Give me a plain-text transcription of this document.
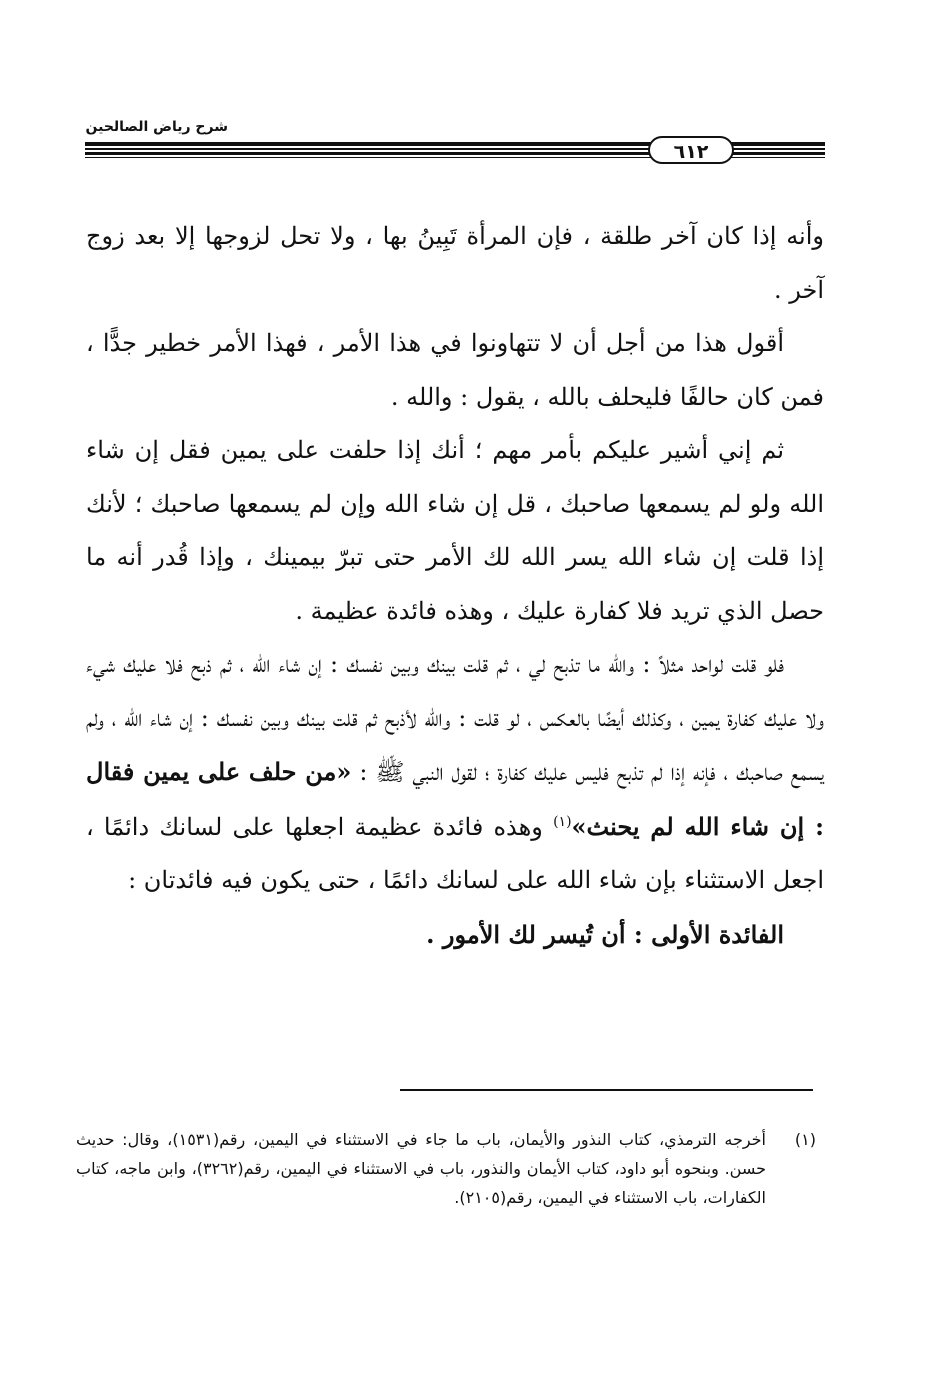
شرح رياض الصالحين
٦١٢

وأنه إذا كان آخر طلقة ، فإن المرأة تَبِينُ بها ، ولا تحل لزوجها إلا بعد زوج آخر .

أقول هذا من أجل أن لا تتهاونوا في هذا الأمر ، فهذا الأمر خطير جدًّا ، فمن كان حالفًا فليحلف بالله ، يقول : والله .

ثم إني أشير عليكم بأمر مهم ؛ أنك إذا حلفت على يمين فقل إن شاء الله ولو لم يسمعها صاحبك ، قل إن شاء الله وإن لم يسمعها صاحبك ؛ لأنك إذا قلت إن شاء الله يسر الله لك الأمر حتى تبرّ بيمينك ، وإذا قُدر أنه ما حصل الذي تريد فلا كفارة عليك ، وهذه فائدة عظيمة .

فلو قلت لواحد مثلاً : والله ما تذبح لي ، ثم قلت بينك وبين نفسك : إن شاء الله ، ثم ذبح فلا عليك شيء ولا عليك كفارة يمين ، وكذلك أيضًا بالعكس ، لو قلت : والله لأذبح ثم قلت بينك وبين نفسك : إن شاء الله ، ولم يسمع صاحبك ، فإنه إذا لم تذبح فليس عليك كفارة ؛ لقول النبي ﷺ : «من حلف على يمين فقال : إن شاء الله لم يحنث»$^{(١)}$ وهذه فائدة عظيمة اجعلها على لسانك دائمًا ، اجعل الاستثناء بإن شاء الله على لسانك دائمًا ، حتى يكون فيه فائدتان :

الفائدة الأولى : أن تُيسر لك الأمور .

(١)
أخرجه الترمذي، كتاب النذور والأيمان، باب ما جاء في الاستثناء في اليمين، رقم(١٥٣١)، وقال: حديث حسن. وبنحوه أبو داود، كتاب الأيمان والنذور، باب في الاستثناء في اليمين، رقم(٣٢٦٢)، وابن ماجه، كتاب الكفارات، باب الاستثناء في اليمين، رقم(٢١٠٥).
